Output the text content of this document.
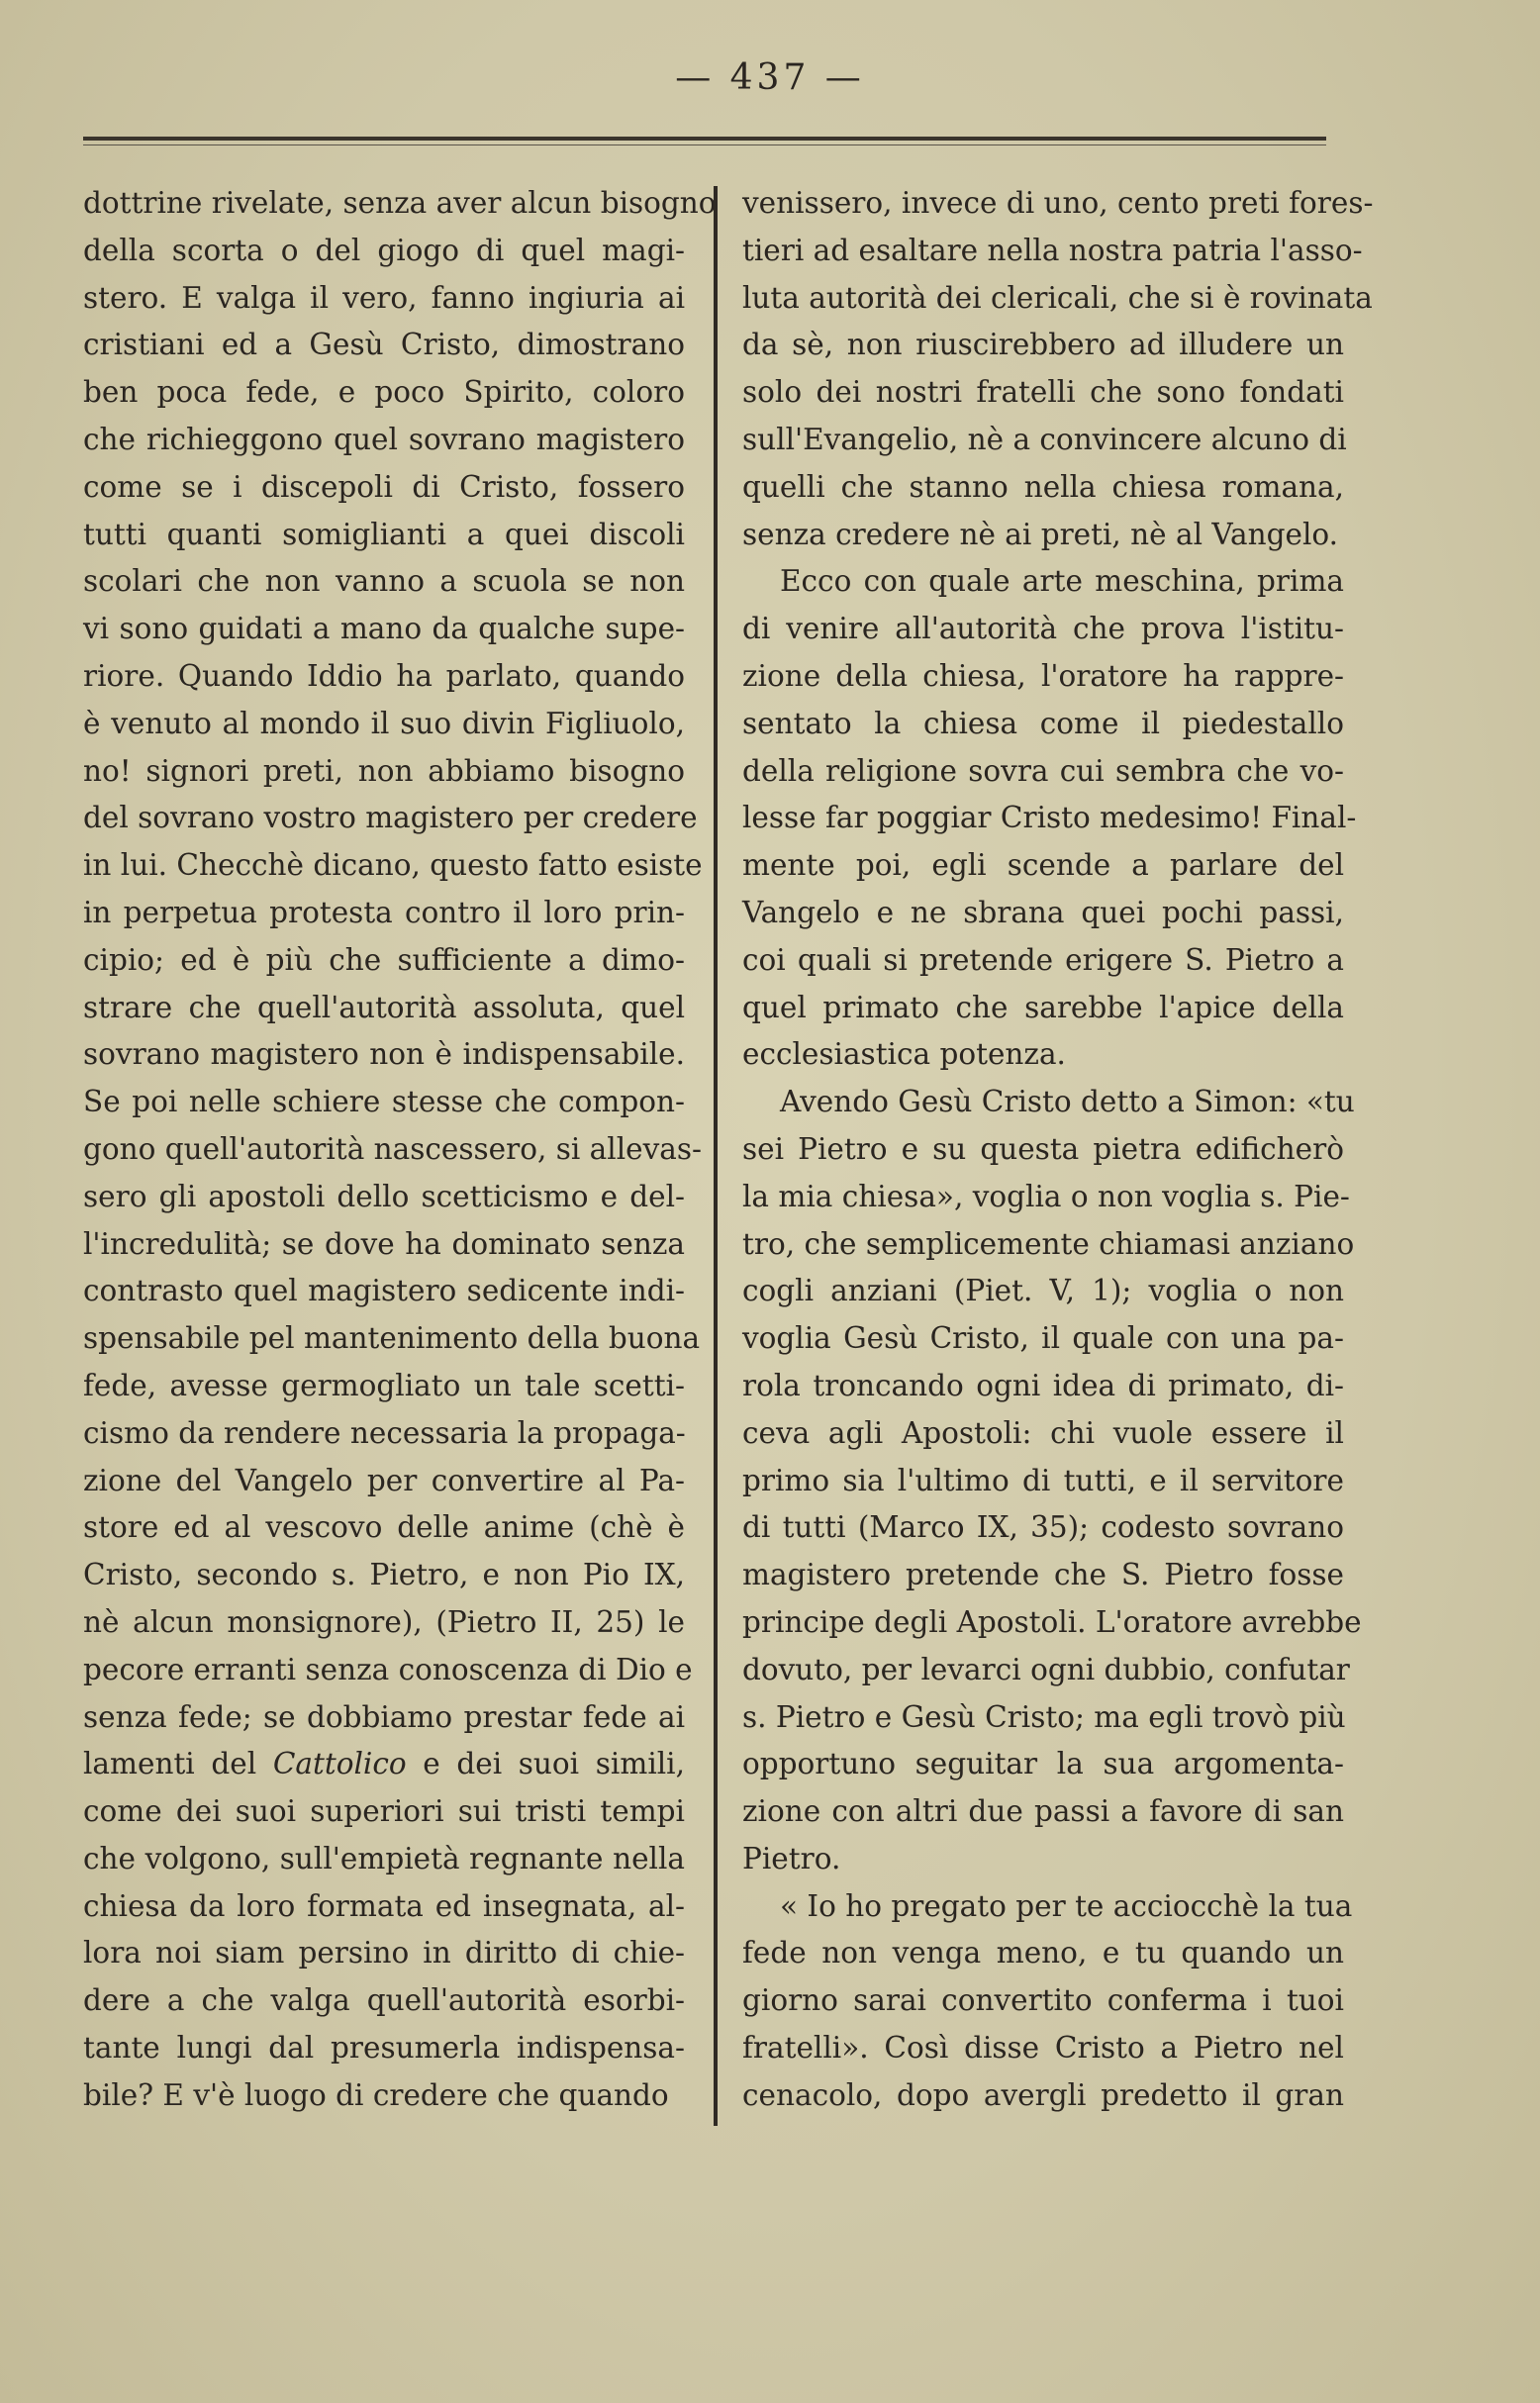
— 437 —
dottrine rivelate, senza aver alcun bisogno
della scorta o del giogo di quel magi-
stero. E valga il vero, fanno ingiuria ai
cristiani ed a Gesù Cristo, dimostrano
ben poca fede, e poco Spirito, coloro
che richieggono quel sovrano magistero
come se i discepoli di Cristo, fossero
tutti quanti somiglianti a quei discoli
scolari che non vanno a scuola se non
vi sono guidati a mano da qualche supe-
riore. Quando Iddio ha parlato, quando
è venuto al mondo il suo divin Figliuolo,
no! signori preti, non abbiamo bisogno
del sovrano vostro magistero per credere
in lui. Checchè dicano, questo fatto esiste
in perpetua protesta contro il loro prin-
cipio; ed è più che sufficiente a dimo-
strare che quell'autorità assoluta, quel
sovrano magistero non è indispensabile.
Se poi nelle schiere stesse che compon-
gono quell'autorità nascessero, si allevas-
sero gli apostoli dello scetticismo e del-
l'incredulità; se dove ha dominato senza
contrasto quel magistero sedicente indi-
spensabile pel mantenimento della buona
fede, avesse germogliato un tale scetti-
cismo da rendere necessaria la propaga-
zione del Vangelo per convertire al Pa-
store ed al vescovo delle anime (chè è
Cristo, secondo s. Pietro, e non Pio IX,
nè alcun monsignore), (Pietro II, 25) le
pecore erranti senza conoscenza di Dio e
senza fede; se dobbiamo prestar fede ai
lamenti del Cattolico e dei suoi simili,
come dei suoi superiori sui tristi tempi
che volgono, sull'empietà regnante nella
chiesa da loro formata ed insegnata, al-
lora noi siam persino in diritto di chie-
dere a che valga quell'autorità esorbi-
tante lungi dal presumerla indispensa-
bile? E v'è luogo di credere che quando
venissero, invece di uno, cento preti fores-
tieri ad esaltare nella nostra patria l'asso-
luta autorità dei clericali, che si è rovinata
da sè, non riuscirebbero ad illudere un
solo dei nostri fratelli che sono fondati
sull'Evangelio, nè a convincere alcuno di
quelli che stanno nella chiesa romana,
senza credere nè ai preti, nè al Vangelo.
Ecco con quale arte meschina, prima
di venire all'autorità che prova l'istitu-
zione della chiesa, l'oratore ha rappre-
sentato la chiesa come il piedestallo
della religione sovra cui sembra che vo-
lesse far poggiar Cristo medesimo! Final-
mente poi, egli scende a parlare del
Vangelo e ne sbrana quei pochi passi,
coi quali si pretende erigere S. Pietro a
quel primato che sarebbe l'apice della
ecclesiastica potenza.
Avendo Gesù Cristo detto a Simon: «tu
sei Pietro e su questa pietra edificherò
la mia chiesa», voglia o non voglia s. Pie-
tro, che semplicemente chiamasi anziano
cogli anziani (Piet. V, 1); voglia o non
voglia Gesù Cristo, il quale con una pa-
rola troncando ogni idea di primato, di-
ceva agli Apostoli: chi vuole essere il
primo sia l'ultimo di tutti, e il servitore
di tutti (Marco IX, 35); codesto sovrano
magistero pretende che S. Pietro fosse
principe degli Apostoli. L'oratore avrebbe
dovuto, per levarci ogni dubbio, confutar
s. Pietro e Gesù Cristo; ma egli trovò più
opportuno seguitar la sua argomenta-
zione con altri due passi a favore di san
Pietro.
« Io ho pregato per te acciocchè la tua
fede non venga meno, e tu quando un
giorno sarai convertito conferma i tuoi
fratelli». Così disse Cristo a Pietro nel
cenacolo, dopo avergli predetto il gran
